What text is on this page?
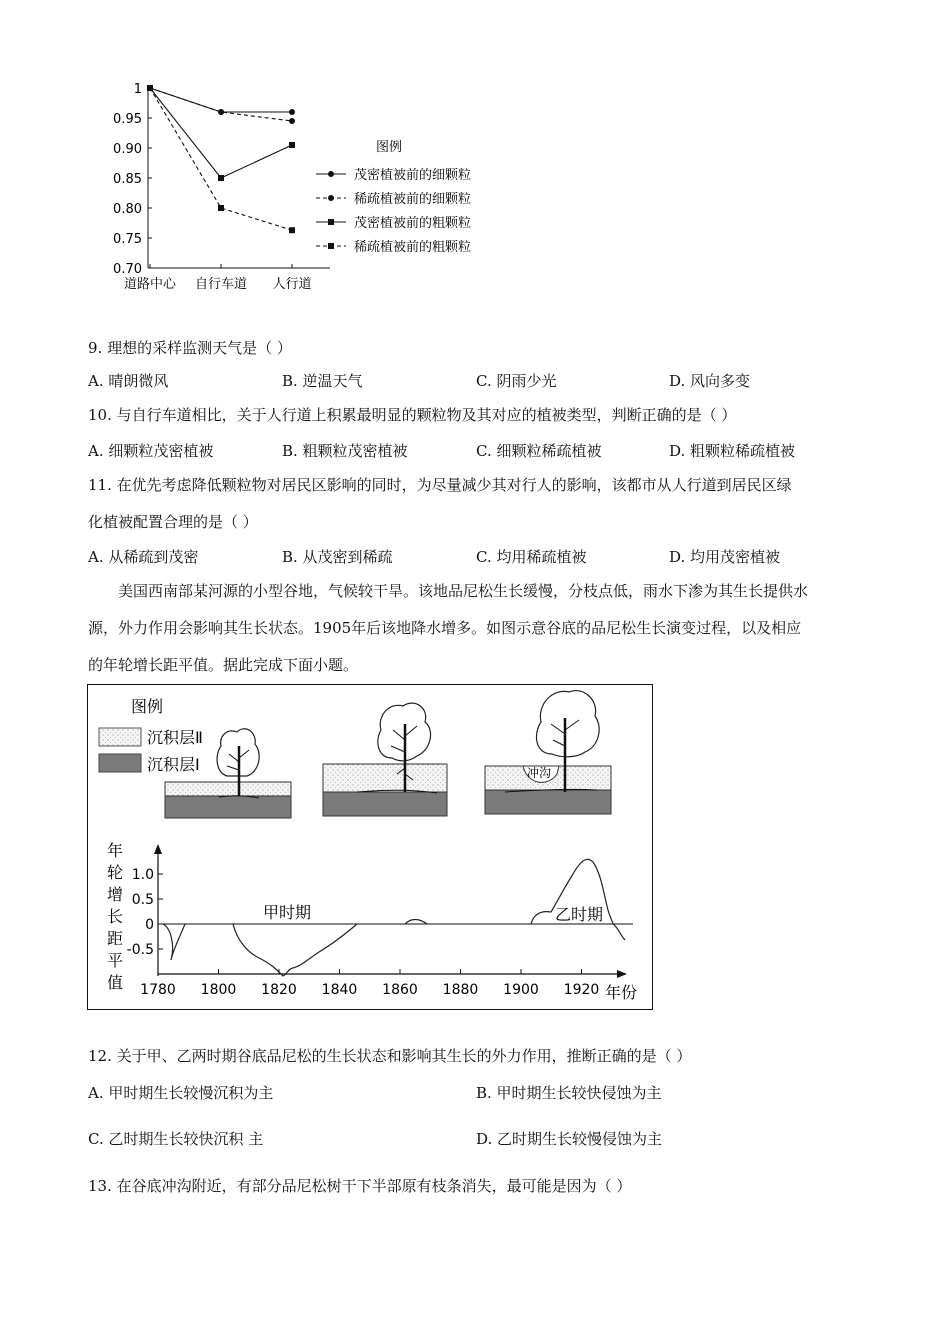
1
0.95
0.90
0.85
0.80
0.75
0.70
道路中心 自行车道 人行道
图例
茂密植被前的细颗粒
稀疏植被前的细颗粒
茂密植被前的粗颗粒
稀疏植被前的粗颗粒
9. 理想的采样监测天气是（ ）
A. 晴朗微风	B. 逆温天气	C. 阴雨少光	D. 风向多变
10. 与自行车道相比，关于人行道上积累最明显的颗粒物及其对应的植被类型，判断正确的是（ ）
A. 细颗粒茂密植被	B. 粗颗粒茂密植被	C. 细颗粒稀疏植被	D. 粗颗粒稀疏植被
11. 在优先考虑降低颗粒物对居民区影响的同时，为尽量减少其对行人的影响，该都市从人行道到居民区绿
化植被配置合理的是（ ）
A. 从稀疏到茂密	B. 从茂密到稀疏	C. 均用稀疏植被	D. 均用茂密植被
美国西南部某河源的小型谷地，气候较干旱。该地品尼松生长缓慢，分枝点低，雨水下渗为其生长提供水
源，外力作用会影响其生长状态。1905年后该地降水增多。如图示意谷底的品尼松生长演变过程，以及相应
的年轮增长距平值。据此完成下面小题。
图例
沉积层Ⅱ
沉积层Ⅰ	冲沟
年
轮
增
长
距
平
值
1.0
0.5
0
-0.5
1780 1800 1820 1840 1860 1880 1900 1920 年份
甲时期	乙时期
12. 关于甲、乙两时期谷底品尼松的生长状态和影响其生长的外力作用，推断正确的是（ ）
A. 甲时期生长较慢沉积为主	B. 甲时期生长较快侵蚀为主
C. 乙时期生长较快沉积 主	D. 乙时期生长较慢侵蚀为主
13. 在谷底冲沟附近，有部分品尼松树干下半部原有枝条消失，最可能是因为（ ）
